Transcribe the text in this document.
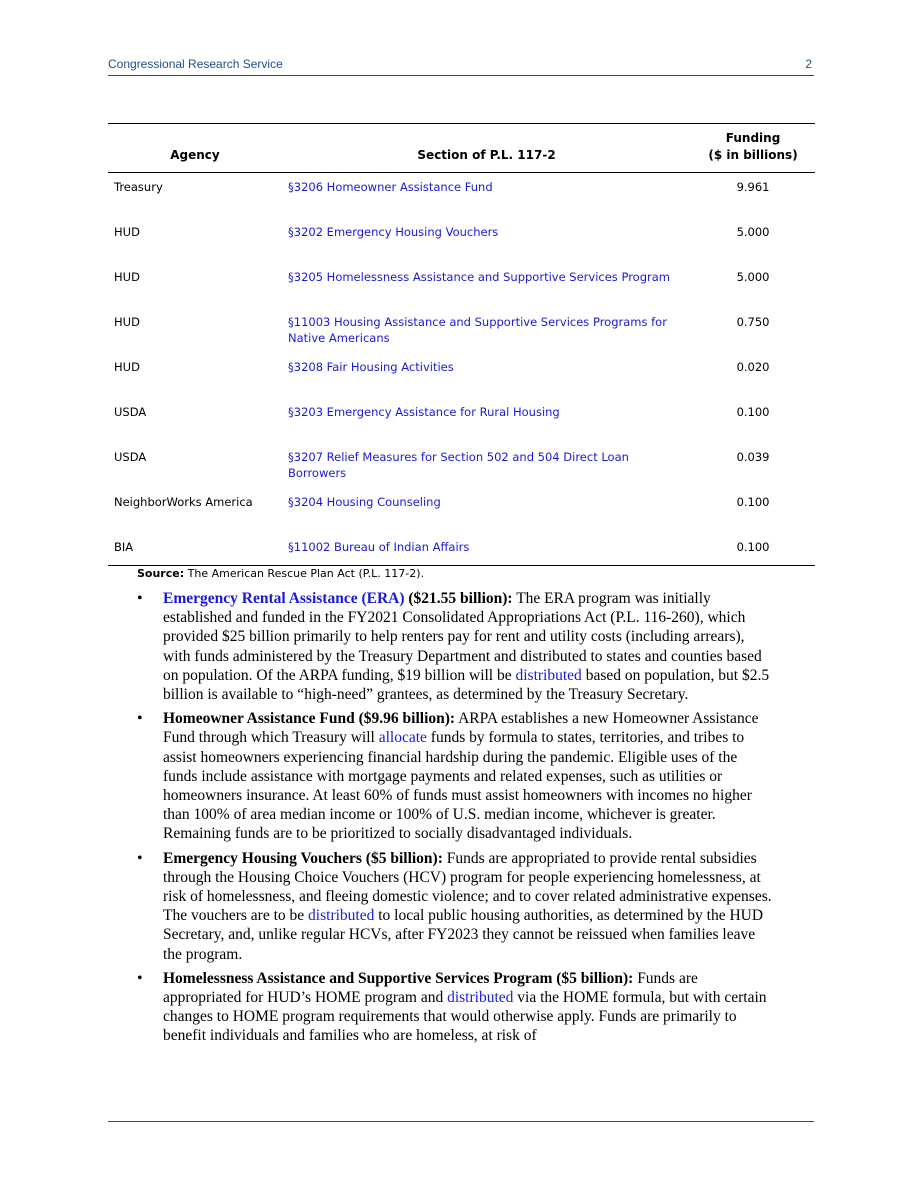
Congressional Research Service	2
Agency	Section of P.L. 117-2	Funding
($ in billions)
Treasury	§3206 Homeowner Assistance Fund	9.961
HUD	§3202 Emergency Housing Vouchers	5.000
HUD	§3205 Homelessness Assistance and Supportive Services Program	5.000
HUD	§11003 Housing Assistance and Supportive Services Programs for Native Americans	0.750
HUD	§3208 Fair Housing Activities	0.020
USDA	§3203 Emergency Assistance for Rural Housing	0.100
USDA	§3207 Relief Measures for Section 502 and 504 Direct Loan Borrowers	0.039
NeighborWorks America	§3204 Housing Counseling	0.100
BIA	§11002 Bureau of Indian Affairs	0.100
Source: The American Rescue Plan Act (P.L. 117-2).
• Emergency Rental Assistance (ERA) ($21.55 billion): The ERA program was initially established and funded in the FY2021 Consolidated Appropriations Act (P.L. 116-260), which provided $25 billion primarily to help renters pay for rent and utility costs (including arrears), with funds administered by the Treasury Department and distributed to states and counties based on population. Of the ARPA funding, $19 billion will be distributed based on population, but $2.5 billion is available to “high-need” grantees, as determined by the Treasury Secretary.
• Homeowner Assistance Fund ($9.96 billion): ARPA establishes a new Homeowner Assistance Fund through which Treasury will allocate funds by formula to states, territories, and tribes to assist homeowners experiencing financial hardship during the pandemic. Eligible uses of the funds include assistance with mortgage payments and related expenses, such as utilities or homeowners insurance. At least 60% of funds must assist homeowners with incomes no higher than 100% of area median income or 100% of U.S. median income, whichever is greater. Remaining funds are to be prioritized to socially disadvantaged individuals.
• Emergency Housing Vouchers ($5 billion): Funds are appropriated to provide rental subsidies through the Housing Choice Vouchers (HCV) program for people experiencing homelessness, at risk of homelessness, and fleeing domestic violence; and to cover related administrative expenses. The vouchers are to be distributed to local public housing authorities, as determined by the HUD Secretary, and, unlike regular HCVs, after FY2023 they cannot be reissued when families leave the program.
• Homelessness Assistance and Supportive Services Program ($5 billion): Funds are appropriated for HUD’s HOME program and distributed via the HOME formula, but with certain changes to HOME program requirements that would otherwise apply. Funds are primarily to benefit individuals and families who are homeless, at risk of
